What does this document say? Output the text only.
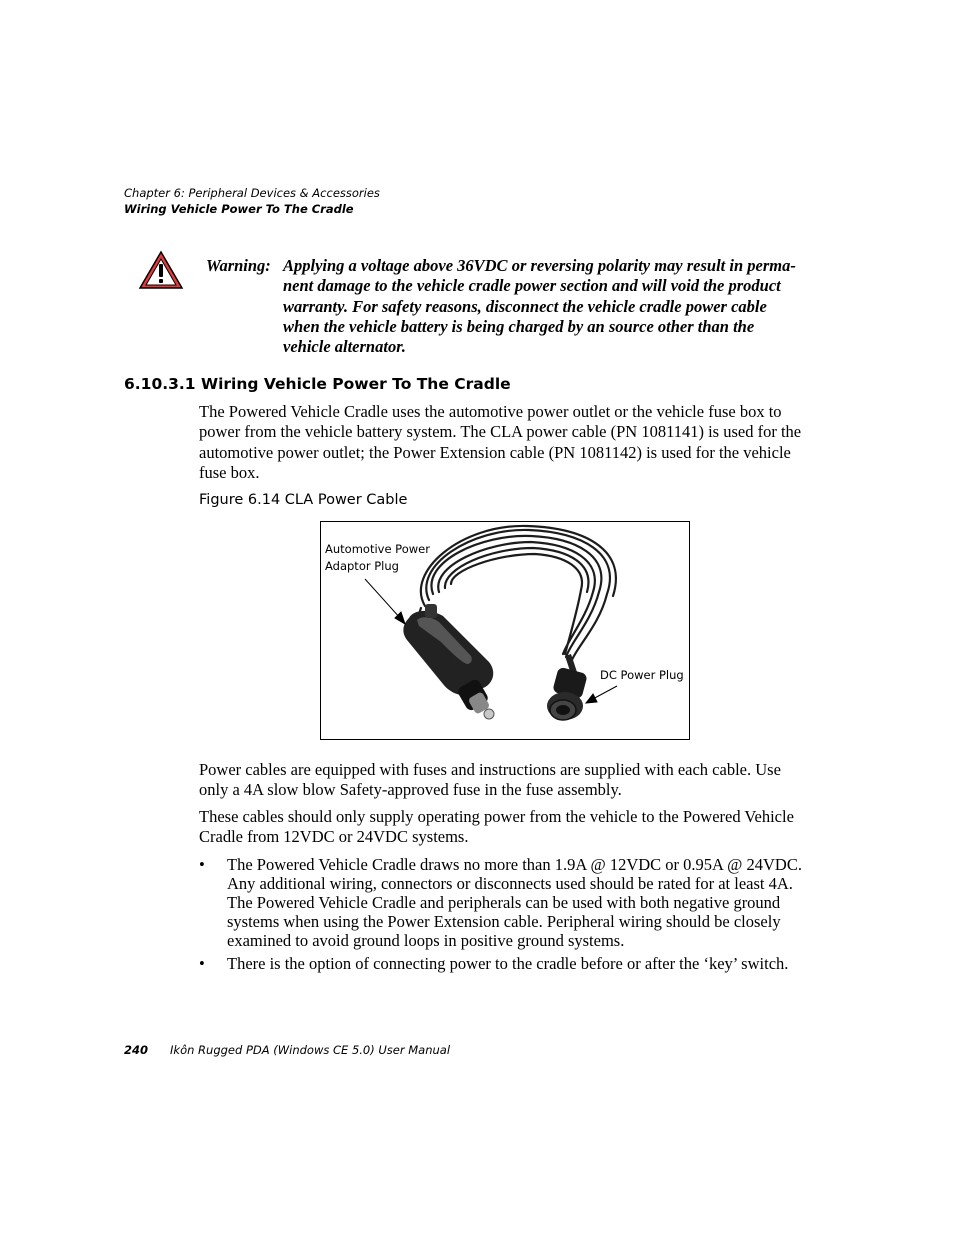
Chapter 6: Peripheral Devices & Accessories
Wiring Vehicle Power To The Cradle
Warning: Applying a voltage above 36VDC or reversing polarity may result in perma-
nent damage to the vehicle cradle power section and will void the product
warranty. For safety reasons, disconnect the vehicle cradle power cable
when the vehicle battery is being charged by an source other than the
vehicle alternator.
6.10.3.1 Wiring Vehicle Power To The Cradle
The Powered Vehicle Cradle uses the automotive power outlet or the vehicle fuse box to
power from the vehicle battery system. The CLA power cable (PN 1081141) is used for the
automotive power outlet; the Power Extension cable (PN 1081142) is used for the vehicle
fuse box.
Figure 6.14 CLA Power Cable
Automotive Power
Adaptor Plug
DC Power Plug
Power cables are equipped with fuses and instructions are supplied with each cable. Use
only a 4A slow blow Safety-approved fuse in the fuse assembly.
These cables should only supply operating power from the vehicle to the Powered Vehicle
Cradle from 12VDC or 24VDC systems.
• The Powered Vehicle Cradle draws no more than 1.9A @ 12VDC or 0.95A @ 24VDC.
Any additional wiring, connectors or disconnects used should be rated for at least 4A.
The Powered Vehicle Cradle and peripherals can be used with both negative ground
systems when using the Power Extension cable. Peripheral wiring should be closely
examined to avoid ground loops in positive ground systems.
• There is the option of connecting power to the cradle before or after the ‘key’ switch.
240 Ikôn Rugged PDA (Windows CE 5.0) User Manual
